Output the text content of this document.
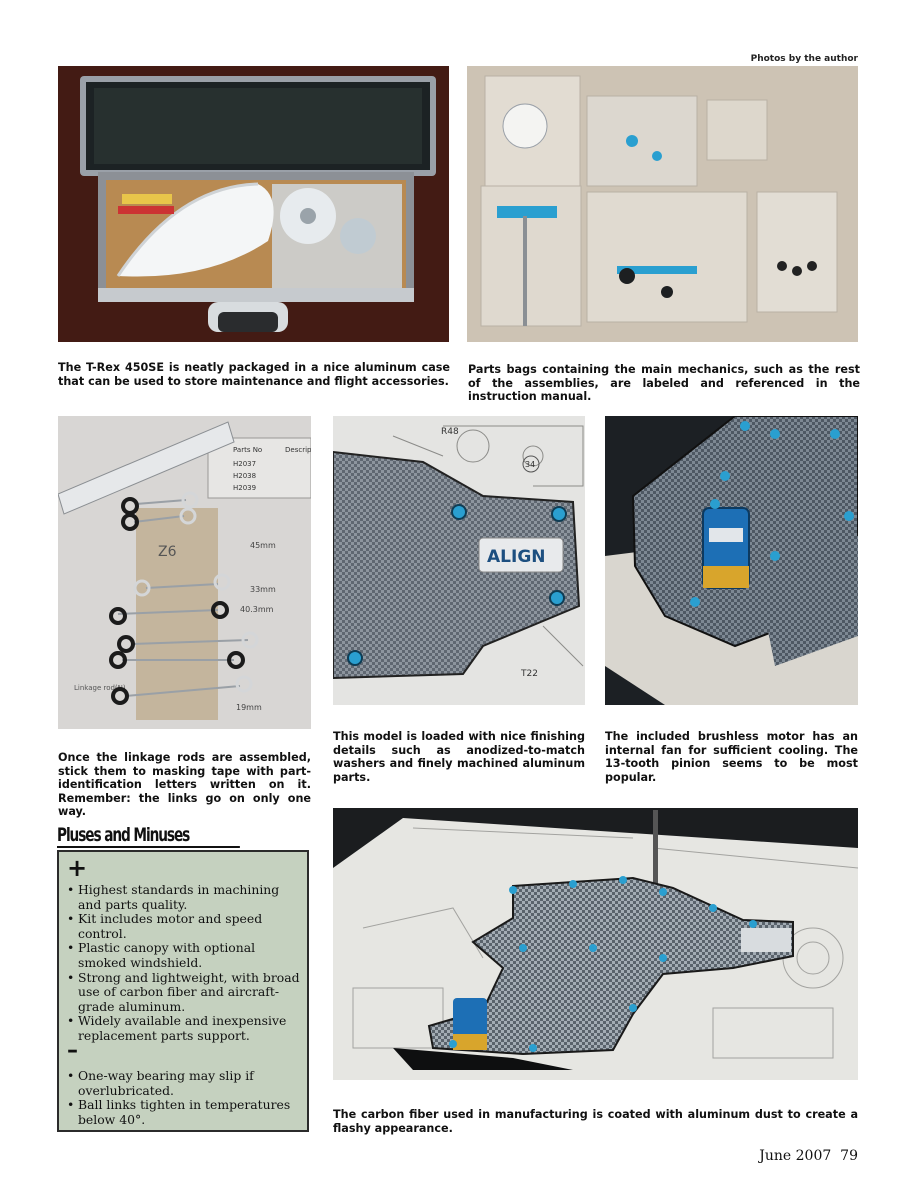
Photos by the author
The T-Rex 450SE is neatly packaged in a nice aluminum case that can be used to store maintenance and flight accessories.
Parts bags containing the main mechanics, such as the rest of the assemblies, are labeled and referenced in the instruction manual.
Parts No	Descrip
H2037
H2038
H2039
Z6	45mm
33mm
40.3mm
19mm
Linkage rod(N)
R48
34
ALIGN
T22
Once the linkage rods are assembled, stick them to masking tape with part-identification letters written on it. Remember: the links go on only one way.
This model is loaded with nice finishing details such as anodized-to-match washers and finely machined aluminum parts.
The included brushless motor has an internal fan for sufficient cooling. The 13-tooth pinion seems to be most popular.
Pluses and Minuses
+
• Highest standards in machining and parts quality.
• Kit includes motor and speed control.
• Plastic canopy with optional smoked windshield.
• Strong and lightweight, with broad use of carbon fiber and aircraft-grade aluminum.
• Widely available and inexpensive replacement parts support.
–
• One-way bearing may slip if overlubricated.
• Ball links tighten in temperatures below 40°.	The carbon fiber used in manufacturing is coated with aluminum dust to create a flashy appearance.
June 2007 79
